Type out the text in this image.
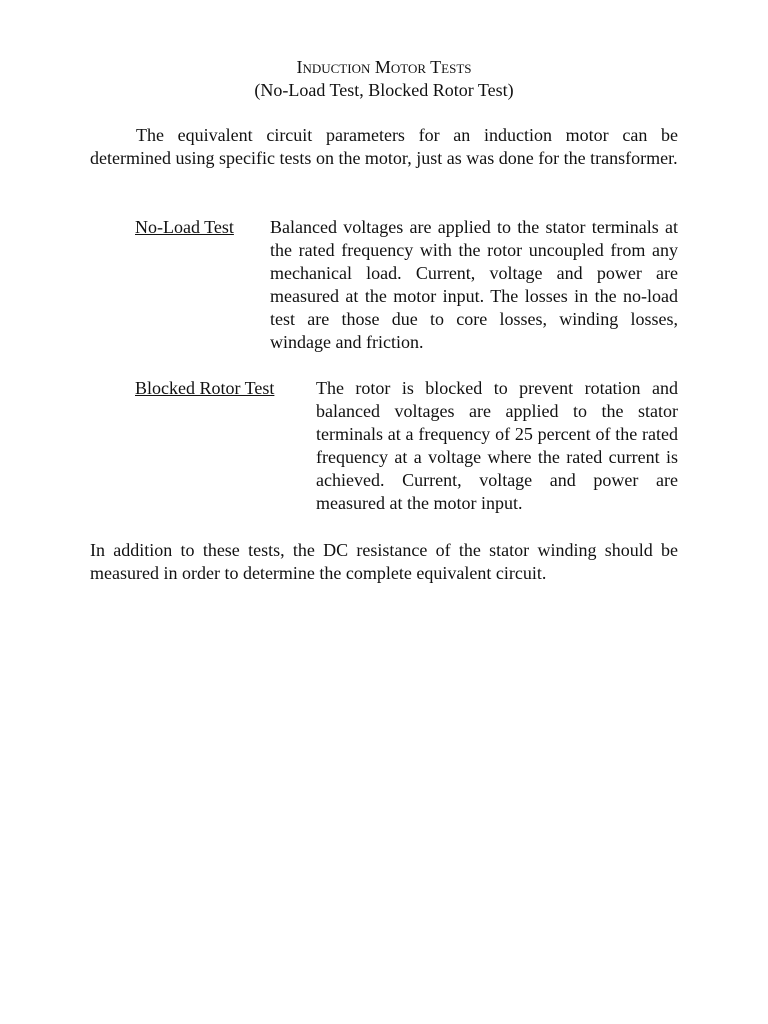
Induction Motor Tests
(No-Load Test, Blocked Rotor Test)

The equivalent circuit parameters for an induction motor can be determined using specific tests on the motor, just as was done for the transformer.

No-Load Test Balanced voltages are applied to the stator terminals at the rated frequency with the rotor uncoupled from any mechanical load. Current, voltage and power are measured at the motor input. The losses in the no-load test are those due to core losses, winding losses, windage and friction.

Blocked Rotor Test The rotor is blocked to prevent rotation and balanced voltages are applied to the stator terminals at a frequency of 25 percent of the rated frequency at a voltage where the rated current is achieved. Current, voltage and power are measured at the motor input.

In addition to these tests, the DC resistance of the stator winding should be measured in order to determine the complete equivalent circuit.
